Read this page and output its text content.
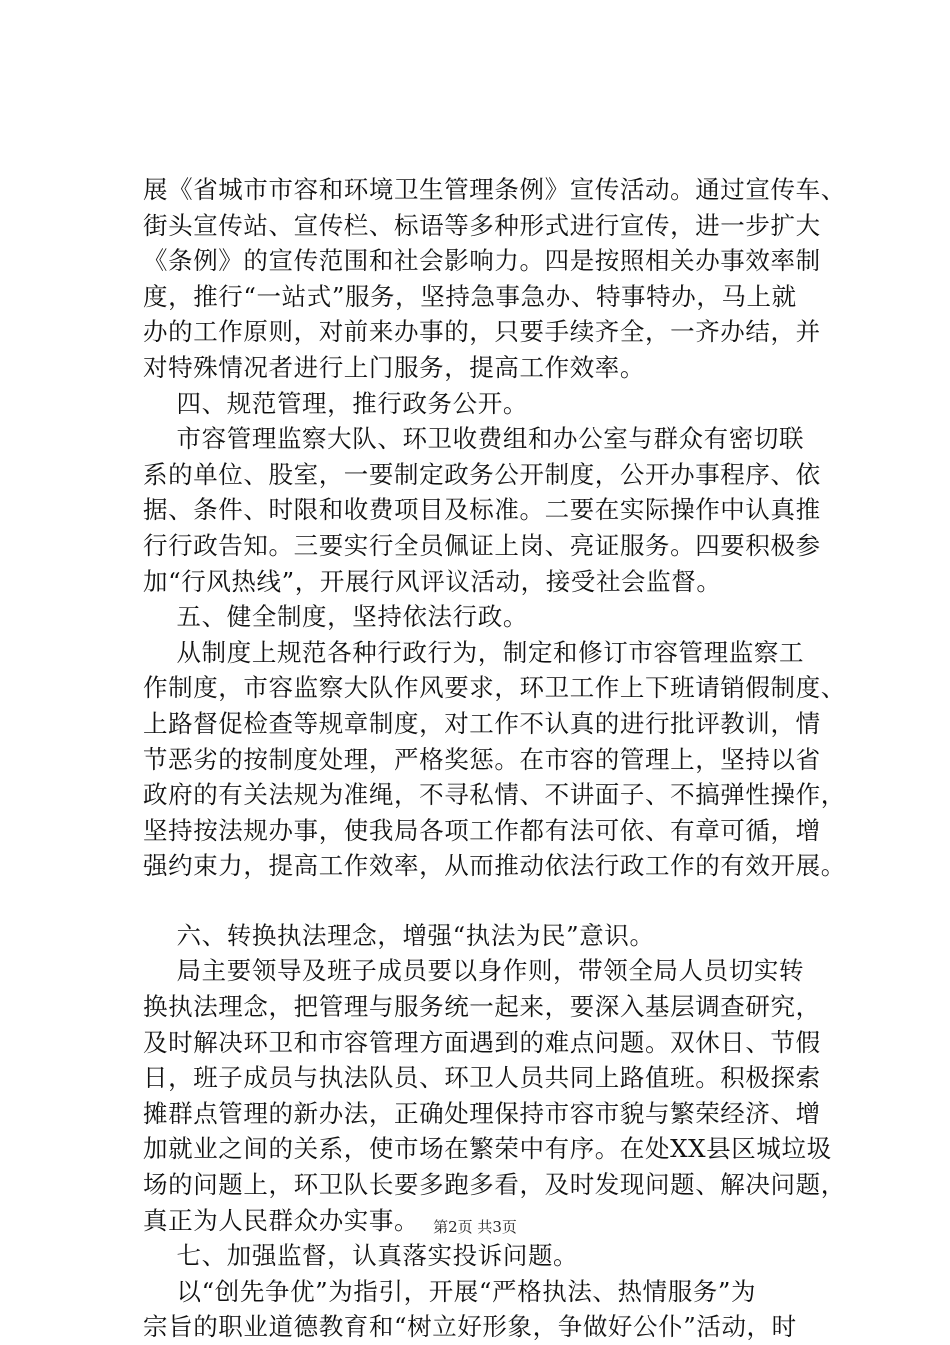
展《省城市市容和环境卫生管理条例》宣传活动。通过宣传车、
街头宣传站、宣传栏、标语等多种形式进行宣传，进一步扩大
《条例》的宣传范围和社会影响力。四是按照相关办事效率制
度，推行“一站式”服务，坚持急事急办、特事特办，马上就
办的工作原则，对前来办事的，只要手续齐全，一齐办结，并
对特殊情况者进行上门服务，提高工作效率。
四、规范管理，推行政务公开。
市容管理监察大队、环卫收费组和办公室与群众有密切联
系的单位、股室，一要制定政务公开制度，公开办事程序、依
据、条件、时限和收费项目及标准。二要在实际操作中认真推
行行政告知。三要实行全员佩证上岗、亮证服务。四要积极参
加“行风热线”，开展行风评议活动，接受社会监督。
五、健全制度，坚持依法行政。
从制度上规范各种行政行为，制定和修订市容管理监察工
作制度，市容监察大队作风要求，环卫工作上下班请销假制度、
上路督促检查等规章制度，对工作不认真的进行批评教训，情
节恶劣的按制度处理，严格奖惩。在市容的管理上，坚持以省
政府的有关法规为准绳，不寻私情、不讲面子、不搞弹性操作，
坚持按法规办事，使我局各项工作都有法可依、有章可循，增
强约束力，提高工作效率，从而推动依法行政工作的有效开展。
六、转换执法理念，增强“执法为民”意识。
局主要领导及班子成员要以身作则，带领全局人员切实转
换执法理念，把管理与服务统一起来，要深入基层调查研究，
及时解决环卫和市容管理方面遇到的难点问题。双休日、节假
日，班子成员与执法队员、环卫人员共同上路值班。积极探索
摊群点管理的新办法，正确处理保持市容市貌与繁荣经济、增
加就业之间的关系，使市场在繁荣中有序。在处XX县区城垃圾
场的问题上，环卫队长要多跑多看，及时发现问题、解决问题，
真正为人民群众办实事。
七、加强监督，认真落实投诉问题。
以“创先争优”为指引，开展“严格执法、热情服务”为
宗旨的职业道德教育和“树立好形象，争做好公仆”活动，时
第2页 共3页
